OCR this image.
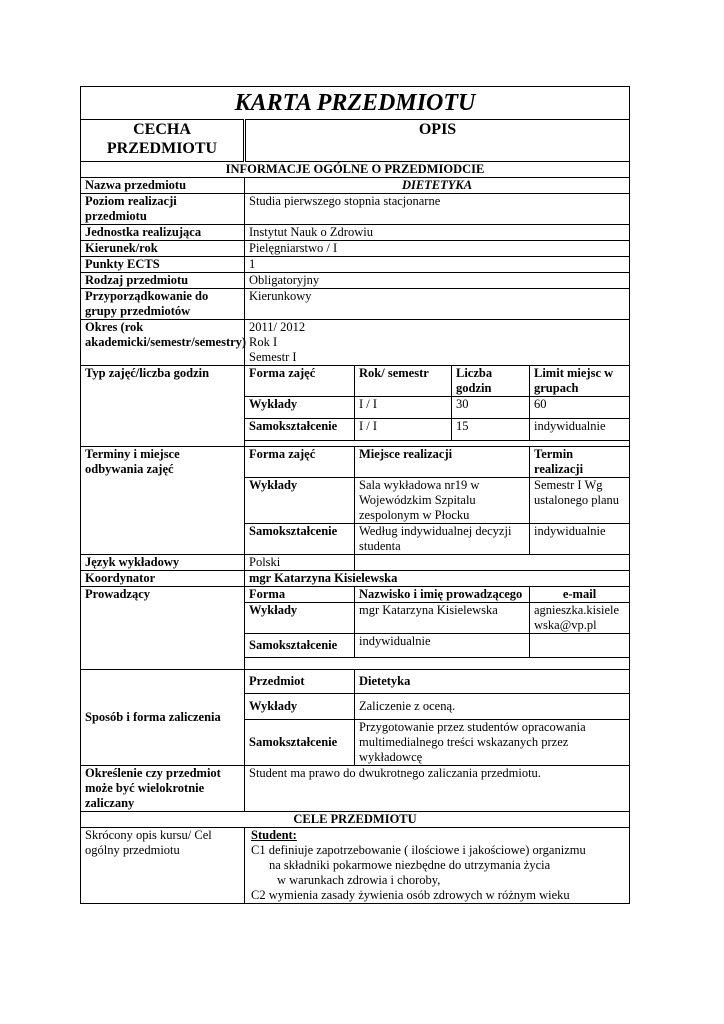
KARTA PRZEDMIOTU				
CECHA PRZEDMIOTU	OPIS			
INFORMACJE OGÓLNE O PRZEDMIODCIE				
Nazwa przedmiotu	DIETETYKA			
Poziom realizacji przedmiotu	Studia pierwszego stopnia stacjonarne			
Jednostka realizująca	Instytut Nauk o Zdrowiu			
Kierunek/rok	Pielęgniarstwo / I			
Punkty ECTS	1			
Rodzaj przedmiotu	Obligatoryjny			
Przyporządkowanie do grupy przedmiotów	Kierunkowy			
Okres (rok akademicki/semestr/semestry)	2011/ 2012
Rok I
Semestr I			

Typ zajęć/liczba godzin	Forma zajęć	Rok/ semestr	Liczba godzin	Limit miejsc w grupach
	Wykłady	I / I	30	60
	Samokształcenie	I / I	15	indywidualnie

Terminy i miejsce odbywania zajęć	Forma zajęć	Miejsce realizacji		Termin realizacji
	Wykłady	Sala wykładowa nr19 w Wojewódzkim Szpitalu zespolonym w Płocku		Semestr I Wg ustalonego planu
	Samokształcenie	Według indywidualnej decyzji studenta		indywidualnie
Język wykładowy	Polski			
Koordynator	mgr Katarzyna Kisielewska			
Prowadzący	Forma	Nazwisko i imię prowadzącego		e-mail
	Wykłady	mgr Katarzyna Kisielewska		agnieszka.kisielewska@vp.pl
	Samokształcenie	indywidualnie		

Sposób i forma zaliczenia	Przedmiot	Dietetyka		
	Wykłady	Zaliczenie z oceną.		
	Samokształcenie	Przygotowanie przez studentów opracowania multimedialnego treści wskazanych przez wykładowcę		
Określenie czy przedmiot może być wielokrotnie zaliczany	Student ma prawo do dwukrotnego zaliczania przedmiotu.			
CELE PRZEDMIOTU				
Skrócony opis kursu/ Cel ogólny przedmiotu	Student:
C1 definiuje zapotrzebowanie ( ilościowe i jakościowe) organizmu
na składniki pokarmowe niezbędne do utrzymania życia
w warunkach zdrowia i choroby,
C2 wymienia zasady żywienia osób zdrowych w różnym wieku			
